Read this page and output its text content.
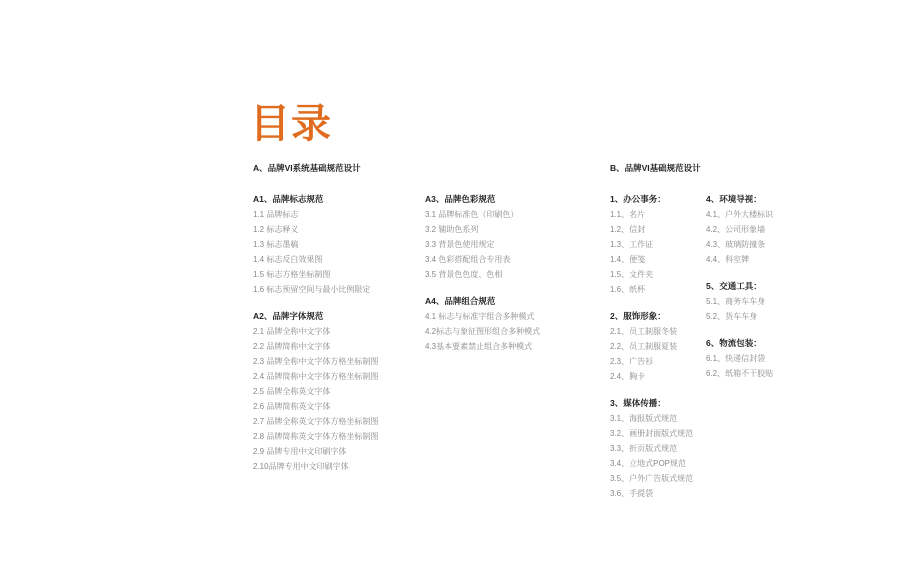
目录
A、品牌VI系统基础规范设计	B、品牌VI基础规范设计
A1、品牌标志规范
1.1 品牌标志
1.2 标志释义
1.3 标志墨稿
1.4 标志反白效果图
1.5 标志方格坐标制图
1.6 标志预留空间与最小比例限定
A2、品牌字体规范
2.1 品牌全称中文字体
2.2 品牌简称中文字体
2.3 品牌全称中文字体方格坐标制图
2.4 品牌简称中文字体方格坐标制图
2.5 品牌全称英文字体
2.6 品牌简称英文字体
2.7 品牌全称英文字体方格坐标制图
2.8 品牌简称英文字体方格坐标制图
2.9 品牌专用中文印刷字体
2.10品牌专用中文印刷字体
A3、品牌色彩规范
3.1 品牌标准色（印刷色）
3.2 辅助色系列
3.3 背景色使用规定
3.4 色彩搭配组合专用表
3.5 背景色色度、色相
A4、品牌组合规范
4.1 标志与标准字组合多种模式
4.2标志与象征图形组合多种模式
4.3基本要素禁止组合多种模式
1、办公事务：
1.1、名片
1.2、信封
1.3、工作证
1.4、便笺
1.5、文件夹
1.6、纸杯
2、服饰形象：
2.1、员工制服冬装
2.2、员工制服夏装
2.3、广告衫
2.4、胸卡
3、媒体传播：
3.1、海报版式规范
3.2、画册封面版式规范
3.3、折页版式规范
3.4、立地式POP规范
3.5、户外广告版式规范
3.6、手提袋
4、环境导视：
4.1、户外大楼标识
4.2、公司形象墙
4.3、玻璃防撞条
4.4、科室牌
5、交通工具：
5.1、商务车车身
5.2、货车车身
6、物流包装：
6.1、快递信封袋
6.2、纸箱不干胶贴
